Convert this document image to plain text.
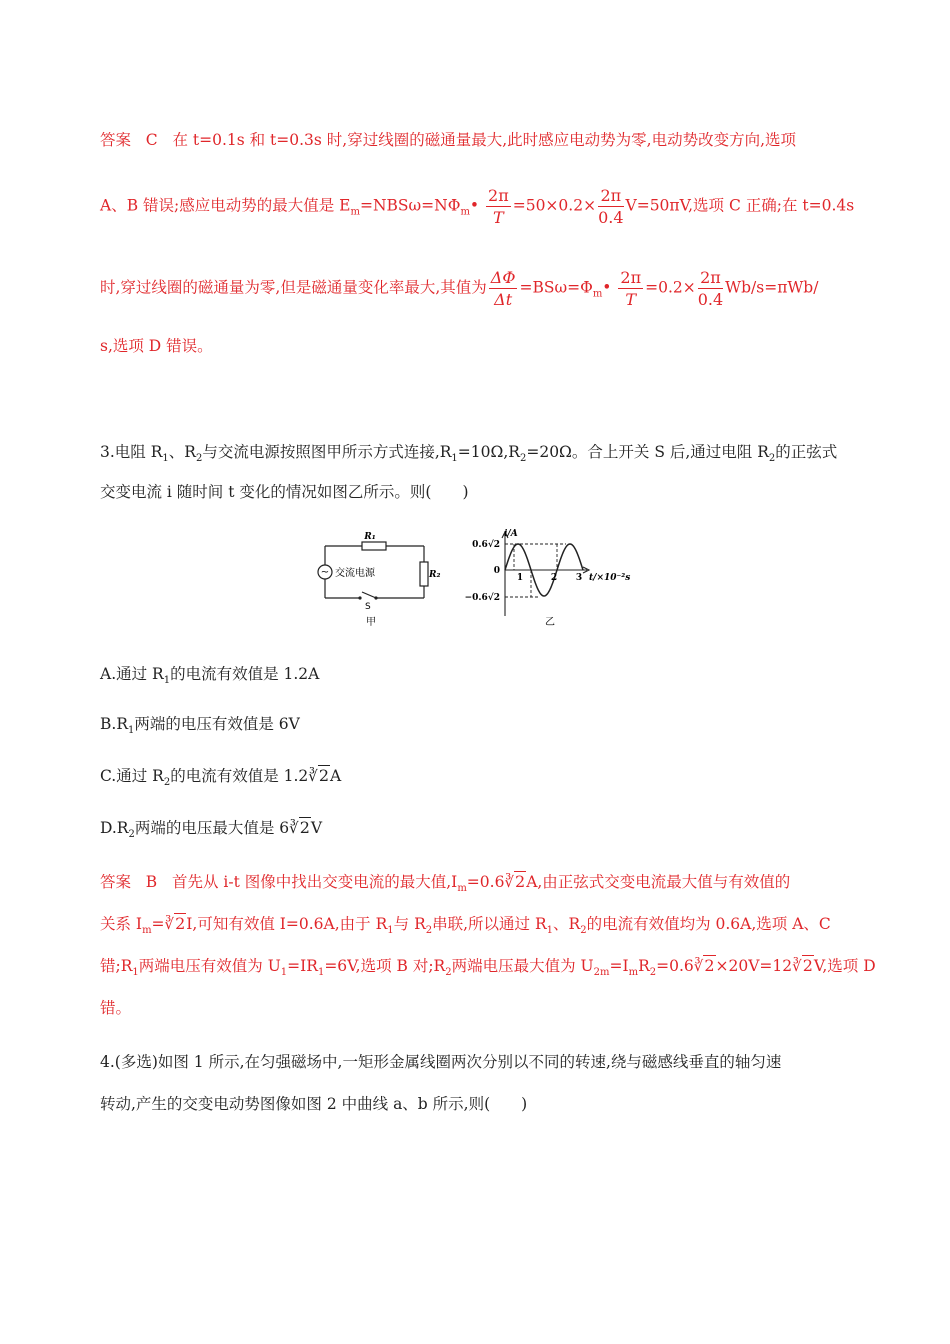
答案 C 在 t=0.1s 和 t=0.3s 时,穿过线圈的磁通量最大,此时感应电动势为零,电动势改变方向,选项
A、B 错误;感应电动势的最大值是 $E_m=NBS\omega=N\Phi_m• \frac{2\pi}{T} =50\times 0.2\times \frac{2\pi}{0.4} V=50\pi V$,选项 C 正确;在 t=0.4s
时,穿过线圈的磁通量为零,但是磁通量变化率最大,其值为 $\frac{\Delta\Phi}{\Delta t}$ $=BS\omega=\Phi_m• \frac{2\pi}{T} =0.2\times \frac{2\pi}{0.4} Wb/s=\pi Wb/$
s,选项 D 错误。
3.电阻 $R_1$、$R_2$与交流电源按照图甲所示方式连接$,R_1=10\Omega,R_2=20\Omega$。合上开关 S 后,通过电阻 $R_2$的正弦式
交变电流 i 随时间 t 变化的情况如图乙所示。则(　　)
~
R₁
R₂
交流电源
S
甲
i/A
0.6√2
0
−0.6√2
1	2 3 t/×10⁻²s
乙
A.通过 $R_1$的电流有效值是 1.2A
$B.R_1$两端的电压有效值是 6V
C.通过 $R_2$的电流有效值是 1.2∛2A
$D.R_2$两端的电压最大值是 6∛2V
答案 B 首先从 i-t 图像中找出交变电流的最大值$,I_m=0.6∛2A$,由正弦式交变电流最大值与有效值的
关系 $I_m=∛2I$,可知有效值 I=0.6A,由于 $R_1$与 $R_2$串联,所以通过 $R_1$、$R_2$的电流有效值均为 0.6A,选项 A、C
错$;R_1$两端电压有效值为 $U_1=IR_1=6V$,选项 B 对$;R_2$两端电压最大值为 $U_{2m}=I_mR_2=0.6∛2\times 20V=12∛2V$,选项 D
错。
4.(多选)如图 1 所示,在匀强磁场中,一矩形金属线圈两次分别以不同的转速,绕与磁感线垂直的轴匀速
转动,产生的交变电动势图像如图 2 中曲线 a、b 所示,则(　　)
